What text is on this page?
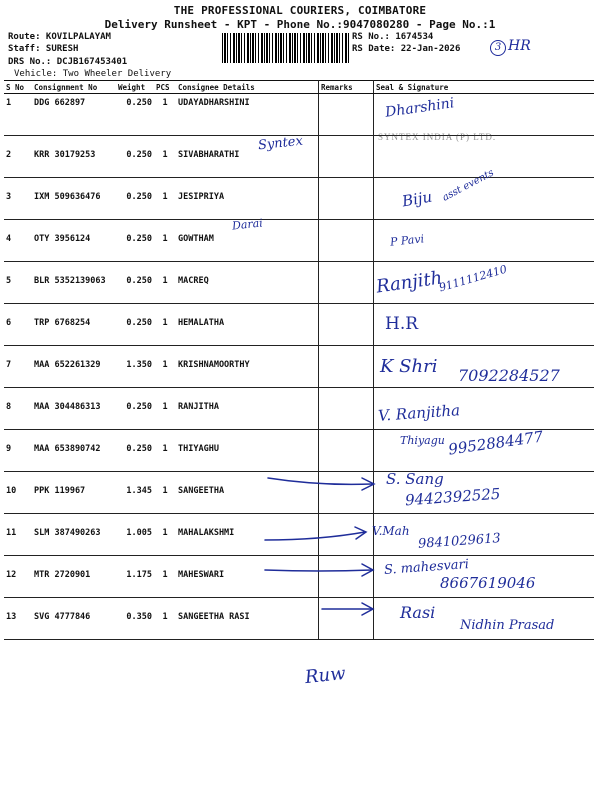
THE PROFESSIONAL COURIERS, COIMBATORE
Delivery Runsheet - KPT - Phone No.:9047080280 - Page No.:1
Route: KOVILPALAYAM
Staff: SURESH
DRS No.: DCJB167453401
Vehicle: Two Wheeler Delivery
RS No.: 1674534
RS Date: 22-Jan-2026	3 HR
S No	Consignment No	Weight	PCS	Consignee Details	Remarks	Seal & Signature
1	DDG 662897	0.250	1	UDAYADHARSHINI		
2	KRR 30179253	0.250	1	SIVABHARATHI		
3	IXM 509636476	0.250	1	JESIPRIYA		
4	OTY 3956124	0.250	1	GOWTHAM		
5	BLR 5352139063	0.250	1	MACREQ		
6	TRP 6768254	0.250	1	HEMALATHA		
7	MAA 652261329	1.350	1	KRISHNAMOORTHY		
8	MAA 304486313	0.250	1	RANJITHA		
9	MAA 653890742	0.250	1	THIYAGHU		
10	PPK 119967	1.345	1	SANGEETHA		
11	SLM 387490263	1.005	1	MAHALAKSHMI		
12	MTR 2720901	1.175	1	MAHESWARI		
13	SVG 4777846	0.350	1	SANGEETHA RASI		
Dharshini
SYNTEX INDIA (P) LTD.
Syntex
Biju asst events
Darai
P Pavi
Ranjith
9111112410
H.R
K Shri 7092284527
V. Ranjitha
Thiyagu 9952884477
S. Sang
9442392525
V.Mah
9841029613
S. mahesvari
8667619046
Rasi
Nidhin Prasad
Ruw
